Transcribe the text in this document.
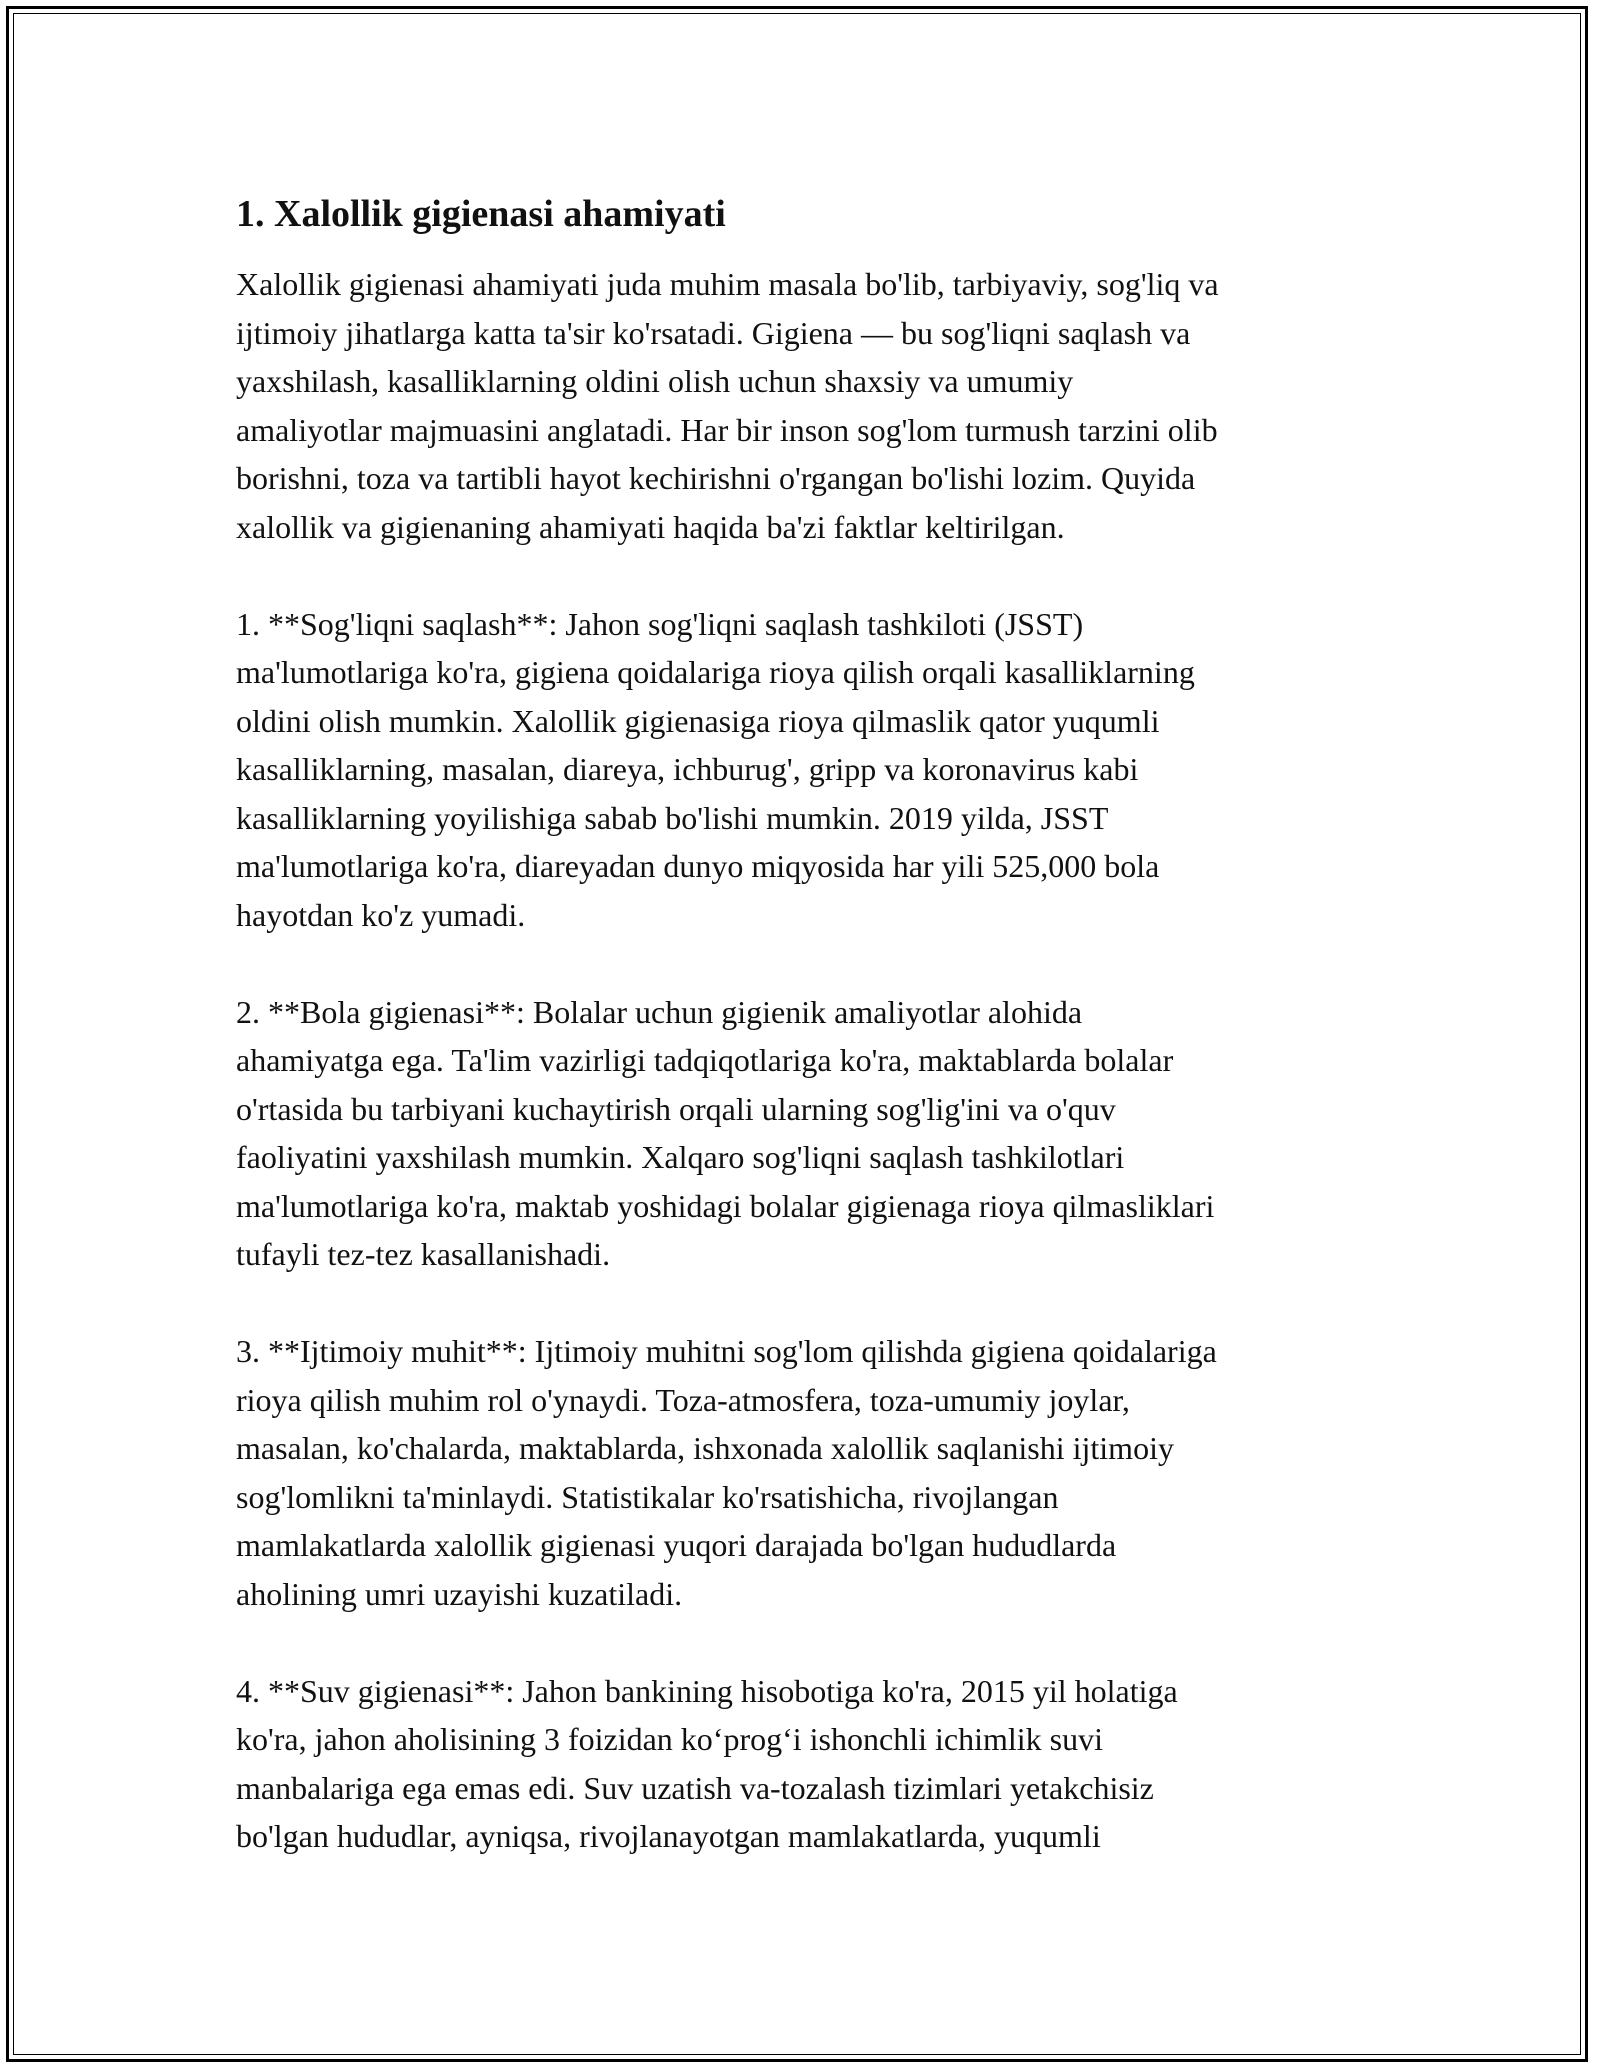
1. Xalollik gigienasi ahamiyati

Xalollik gigienasi ahamiyati juda muhim masala bo'lib, tarbiyaviy, sog'liq va
ijtimoiy jihatlarga katta ta'sir ko'rsatadi. Gigiena — bu sog'liqni saqlash va
yaxshilash, kasalliklarning oldini olish uchun shaxsiy va umumiy
amaliyotlar majmuasini anglatadi. Har bir inson sog'lom turmush tarzini olib
borishni, toza va tartibli hayot kechirishni o'rgangan bo'lishi lozim. Quyida
xalollik va gigienaning ahamiyati haqida ba'zi faktlar keltirilgan.

1. **Sog'liqni saqlash**: Jahon sog'liqni saqlash tashkiloti (JSST)
ma'lumotlariga ko'ra, gigiena qoidalariga rioya qilish orqali kasalliklarning
oldini olish mumkin. Xalollik gigienasiga rioya qilmaslik qator yuqumli
kasalliklarning, masalan, diareya, ichburug', gripp va koronavirus kabi
kasalliklarning yoyilishiga sabab bo'lishi mumkin. 2019 yilda, JSST
ma'lumotlariga ko'ra, diareyadan dunyo miqyosida har yili 525,000 bola
hayotdan ko'z yumadi.

2. **Bola gigienasi**: Bolalar uchun gigienik amaliyotlar alohida
ahamiyatga ega. Ta'lim vazirligi tadqiqotlariga ko'ra, maktablarda bolalar
o'rtasida bu tarbiyani kuchaytirish orqali ularning sog'lig'ini va o'quv
faoliyatini yaxshilash mumkin. Xalqaro sog'liqni saqlash tashkilotlari
ma'lumotlariga ko'ra, maktab yoshidagi bolalar gigienaga rioya qilmasliklari
tufayli tez-tez kasallanishadi.

3. **Ijtimoiy muhit**: Ijtimoiy muhitni sog'lom qilishda gigiena qoidalariga
rioya qilish muhim rol o'ynaydi. Toza-atmosfera, toza-umumiy joylar,
masalan, ko'chalarda, maktablarda, ishxonada xalollik saqlanishi ijtimoiy
sog'lomlikni ta'minlaydi. Statistikalar ko'rsatishicha, rivojlangan
mamlakatlarda xalollik gigienasi yuqori darajada bo'lgan hududlarda
aholining umri uzayishi kuzatiladi.

4. **Suv gigienasi**: Jahon bankining hisobotiga ko'ra, 2015 yil holatiga
ko'ra, jahon aholisining 3 foizidan ko‘prog‘i ishonchli ichimlik suvi
manbalariga ega emas edi. Suv uzatish va-tozalash tizimlari yetakchisiz
bo'lgan hududlar, ayniqsa, rivojlanayotgan mamlakatlarda, yuqumli
